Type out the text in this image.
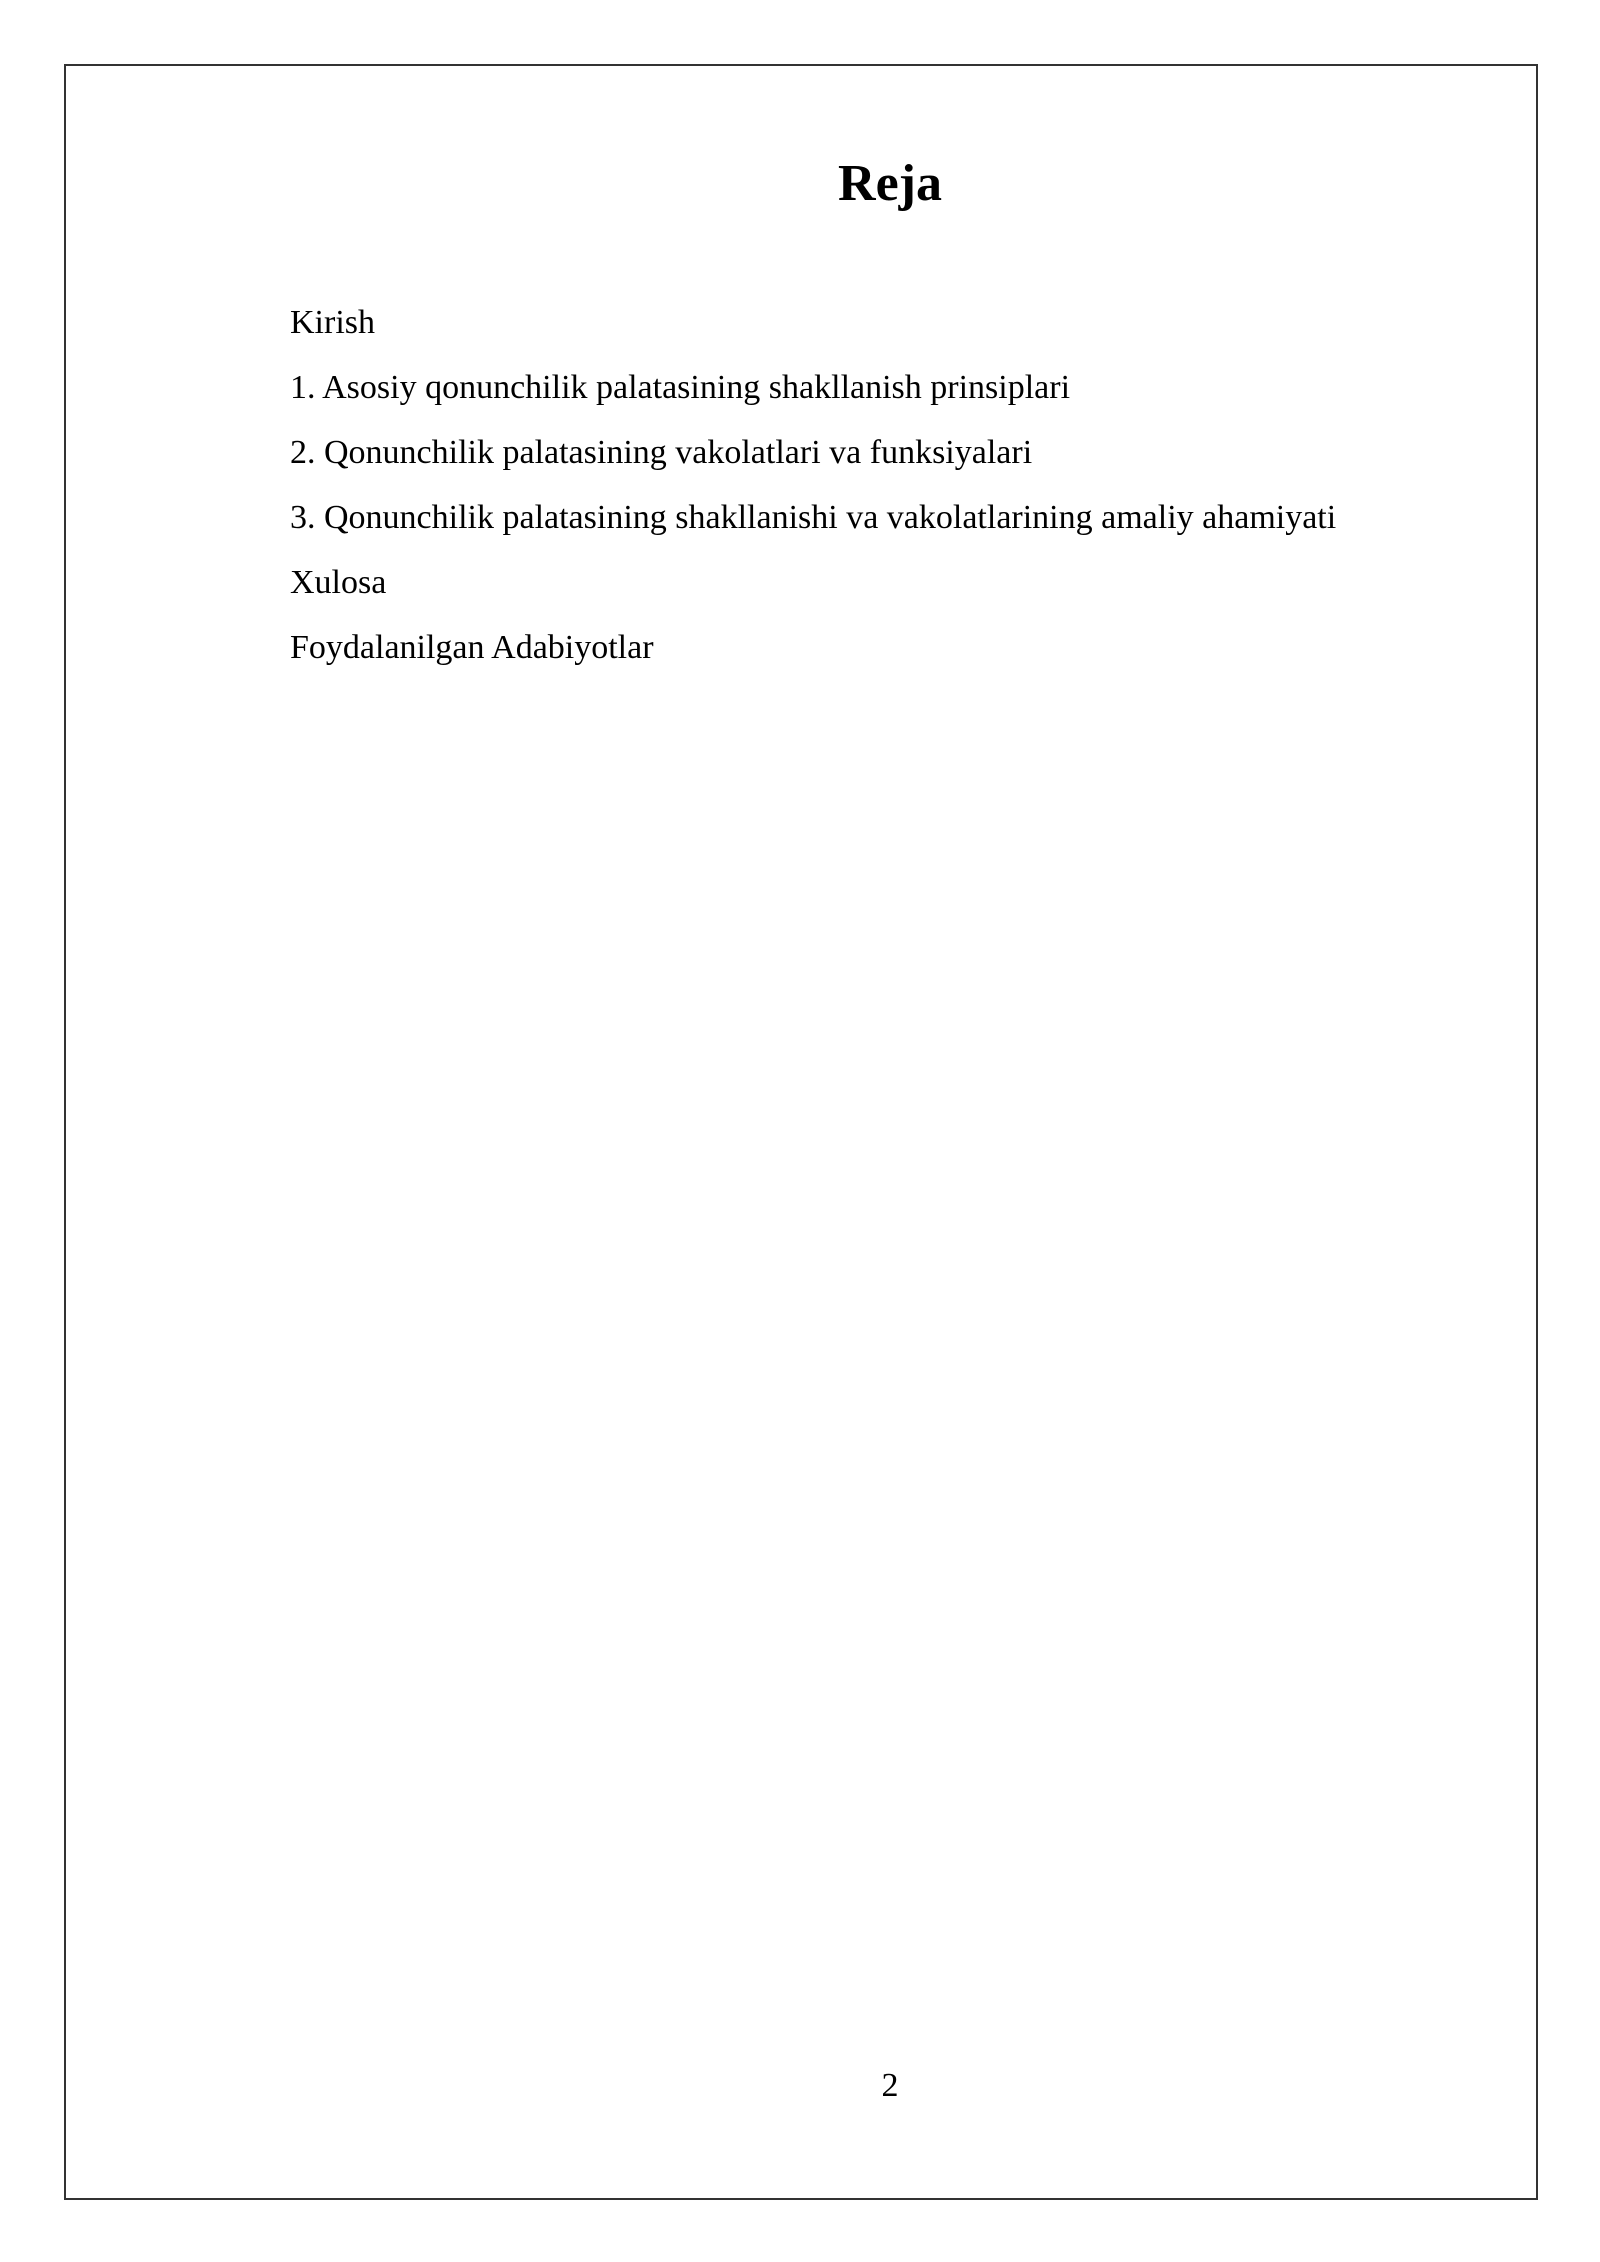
Reja
Kirish
1. Asosiy qonunchilik palatasining shakllanish prinsiplari
2. Qonunchilik palatasining vakolatlari va funksiyalari
3. Qonunchilik palatasining shakllanishi va vakolatlarining amaliy ahamiyati
Xulosa
Foydalanilgan Adabiyotlar
2
